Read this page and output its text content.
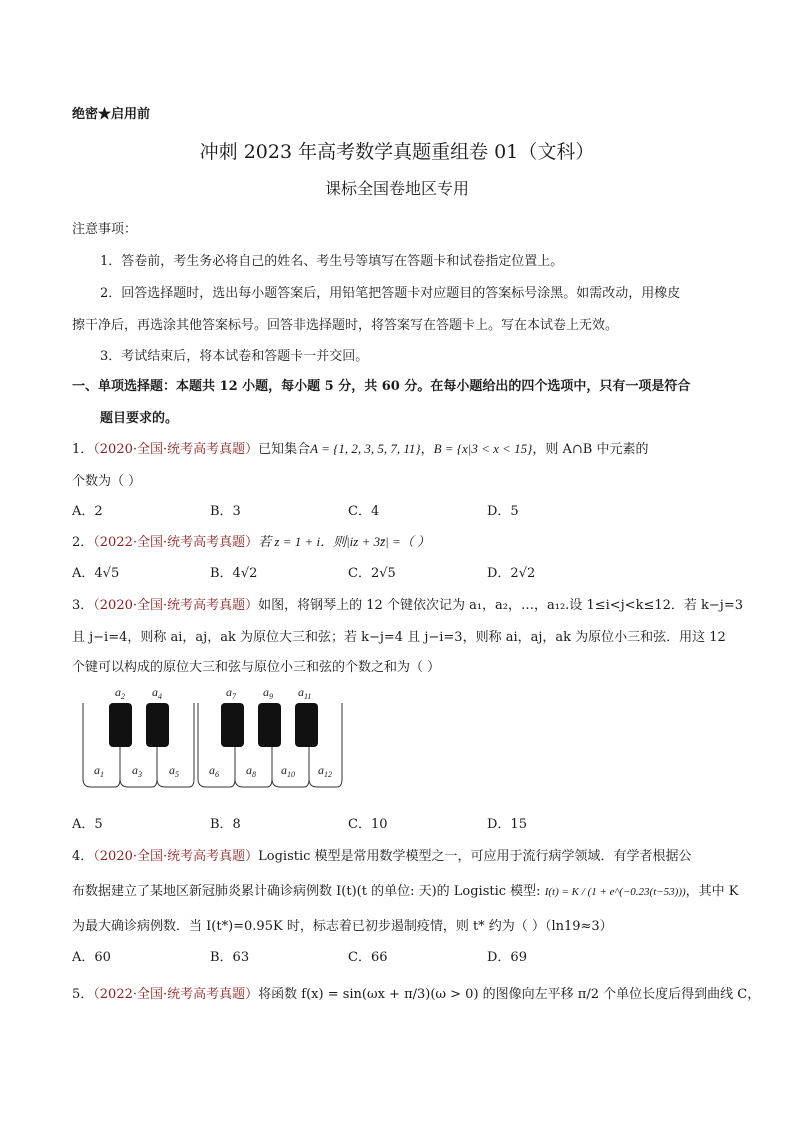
绝密★启用前
冲刺 2023 年高考数学真题重组卷 01（文科）
课标全国卷地区专用
注意事项：
1．答卷前，考生务必将自己的姓名、考生号等填写在答题卡和试卷指定位置上。
2．回答选择题时，选出每小题答案后，用铅笔把答题卡对应题目的答案标号涂黑。如需改动，用橡皮
擦干净后，再选涂其他答案标号。回答非选择题时，将答案写在答题卡上。写在本试卷上无效。
3．考试结束后，将本试卷和答题卡一并交回。
一、单项选择题：本题共 12 小题，每小题 5 分，共 60 分。在每小题给出的四个选项中，只有一项是符合
题目要求的。
1．（2020·全国·统考高考真题）已知集合A = {1, 2, 3, 5, 7, 11}，B = {x|3 < x < 15}，则 A∩B 中元素的
个数为（ ）
A．2	B．3	C．4	D．5
2．（2022·全国·统考高考真题）若 z = 1 + i．则|iz + 3z̄| =（ ）
A．4√5	B．4√2	C．2√5	D．2√2
3．（2020·全国·统考高考真题）如图，将钢琴上的 12 个键依次记为 a₁，a₂，…，a₁₂.设 1≤i<j<k≤12．若 k−j=3
且 j−i=4，则称 ai，aj，ak 为原位大三和弦；若 k−j=4 且 j−i=3，则称 ai，aj，ak 为原位小三和弦．用这 12
个键可以构成的原位大三和弦与原位小三和弦的个数之和为（ ）
$a_2$ $a_4$	$a_7$ $a_9$ $a_{11}$
$a_1$ $a_3$ $a_5$	$a_6$ $a_8$ $a_{10}$ $a_{12}$
A．5	B．8	C．10	D．15
4．（2020·全国·统考高考真题）Logistic 模型是常用数学模型之一，可应用于流行病学领域．有学者根据公
布数据建立了某地区新冠肺炎累计确诊病例数 I(t)(t 的单位: 天)的 Logistic 模型: I(t) = K / (1 + e^(−0.23(t−53)))，其中 K
为最大确诊病例数．当 I(t*)=0.95K 时，标志着已初步遏制疫情，则 t* 约为（ ）（ln19≈3）
A．60	B．63	C．66	D．69
5．（2022·全国·统考高考真题）将函数 f(x) = sin(ωx + π/3)(ω > 0) 的图像向左平移 π/2 个单位长度后得到曲线 C，
